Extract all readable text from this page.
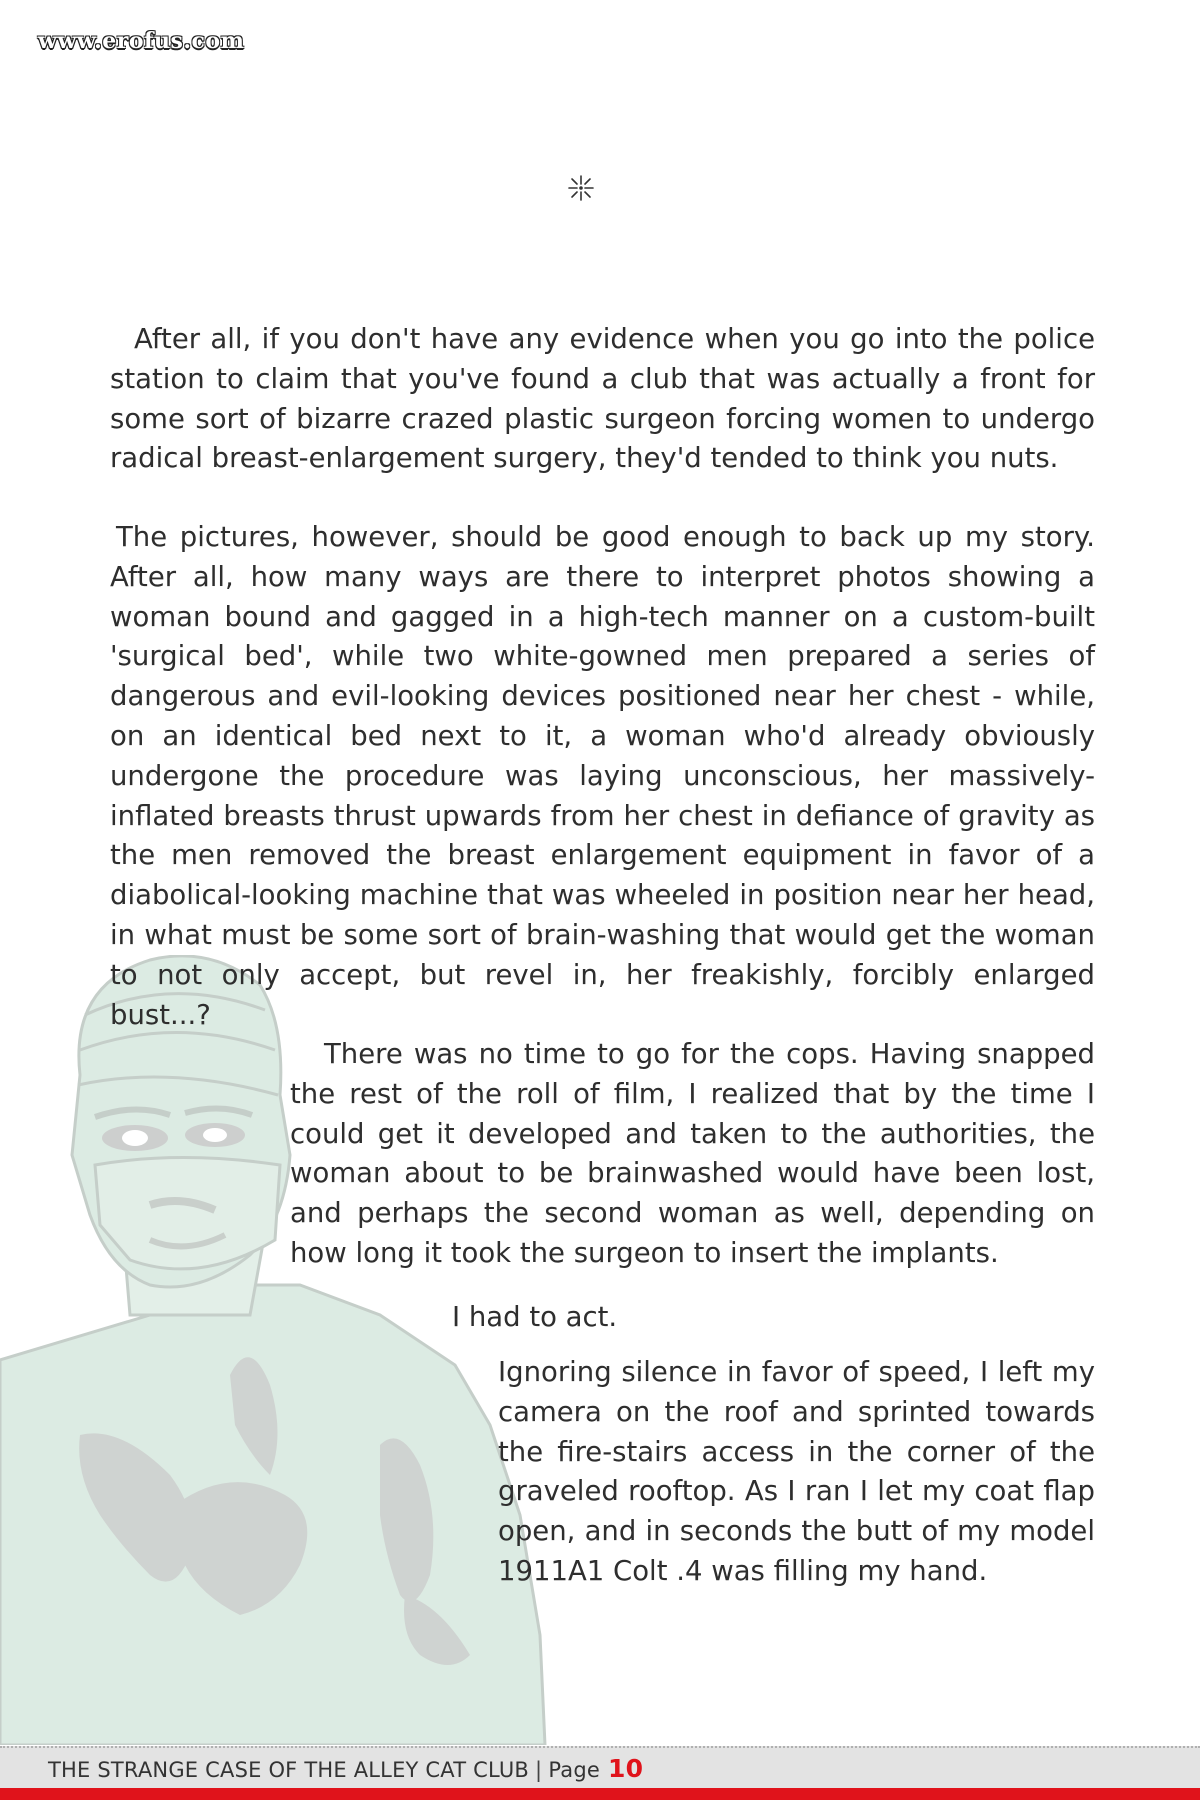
www.erofus.com

After all, if you don't have any evidence when you go into the police station to claim that you've found a club that was actually a front for some sort of bizarre crazed plastic surgeon forcing women to undergo radical breast-enlargement surgery, they'd tended to think you nuts.

The pictures, however, should be good enough to back up my story. After all, how many ways are there to interpret photos showing a woman bound and gagged in a high-tech manner on a custom-built 'surgical bed', while two white-gowned men prepared a series of dangerous and evil-looking devices positioned near her chest - while, on an identical bed next to it, a woman who'd already obviously undergone the procedure was laying unconscious, her massively-inflated breasts thrust upwards from her chest in defiance of gravity as the men removed the breast enlargement equipment in favor of a diabolical-looking machine that was wheeled in position near her head, in what must be some sort of brain-washing that would get the woman to not only accept, but revel in, her freakishly, forcibly enlarged bust...?

There was no time to go for the cops. Having snapped the rest of the roll of film, I realized that by the time I could get it developed and taken to the authorities, the woman about to be brainwashed would have been lost, and perhaps the second woman as well, depending on how long it took the surgeon to insert the implants.

I had to act.

Ignoring silence in favor of speed, I left my camera on the roof and sprinted towards the fire-stairs access in the corner of the graveled rooftop. As I ran I let my coat flap open, and in seconds the butt of my model 1911A1 Colt .4 was filling my hand.

THE STRANGE CASE OF THE ALLEY CAT CLUB | Page 10
